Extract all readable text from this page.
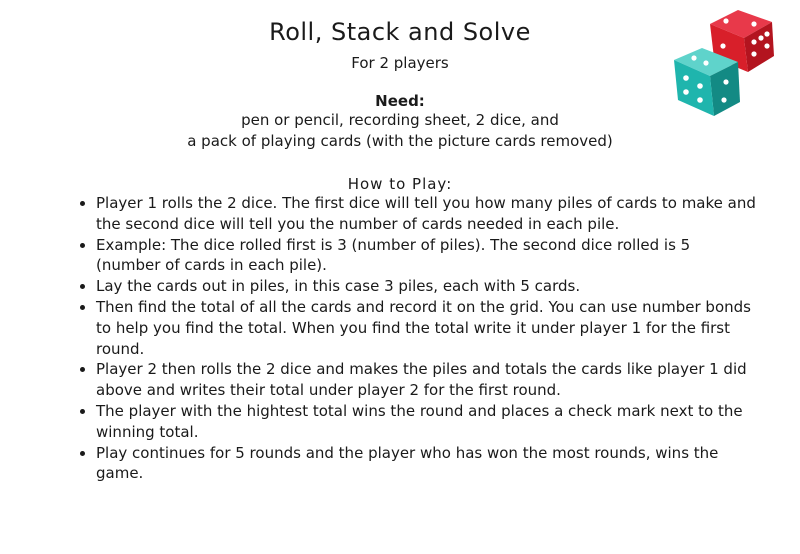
Roll, Stack and Solve
For 2 players
Need:
pen or pencil, recording sheet, 2 dice, and
a pack of playing cards (with the picture cards removed)
How to Play:
• Player 1 rolls the 2 dice. The first dice will tell you how many piles of cards to make and the second dice will tell you the number of cards needed in each pile.
• Example: The dice rolled first is 3 (number of piles). The second dice rolled is 5 (number of cards in each pile).
• Lay the cards out in piles, in this case 3 piles, each with 5 cards.
• Then find the total of all the cards and record it on the grid. You can use number bonds to help you find the total. When you find the total write it under player 1 for the first round.
• Player 2 then rolls the 2 dice and makes the piles and totals the cards like player 1 did above and writes their total under player 2 for the first round.
• The player with the hightest total wins the round and places a check mark next to the winning total.
• Play continues for 5 rounds and the player who has won the most rounds, wins the game.
